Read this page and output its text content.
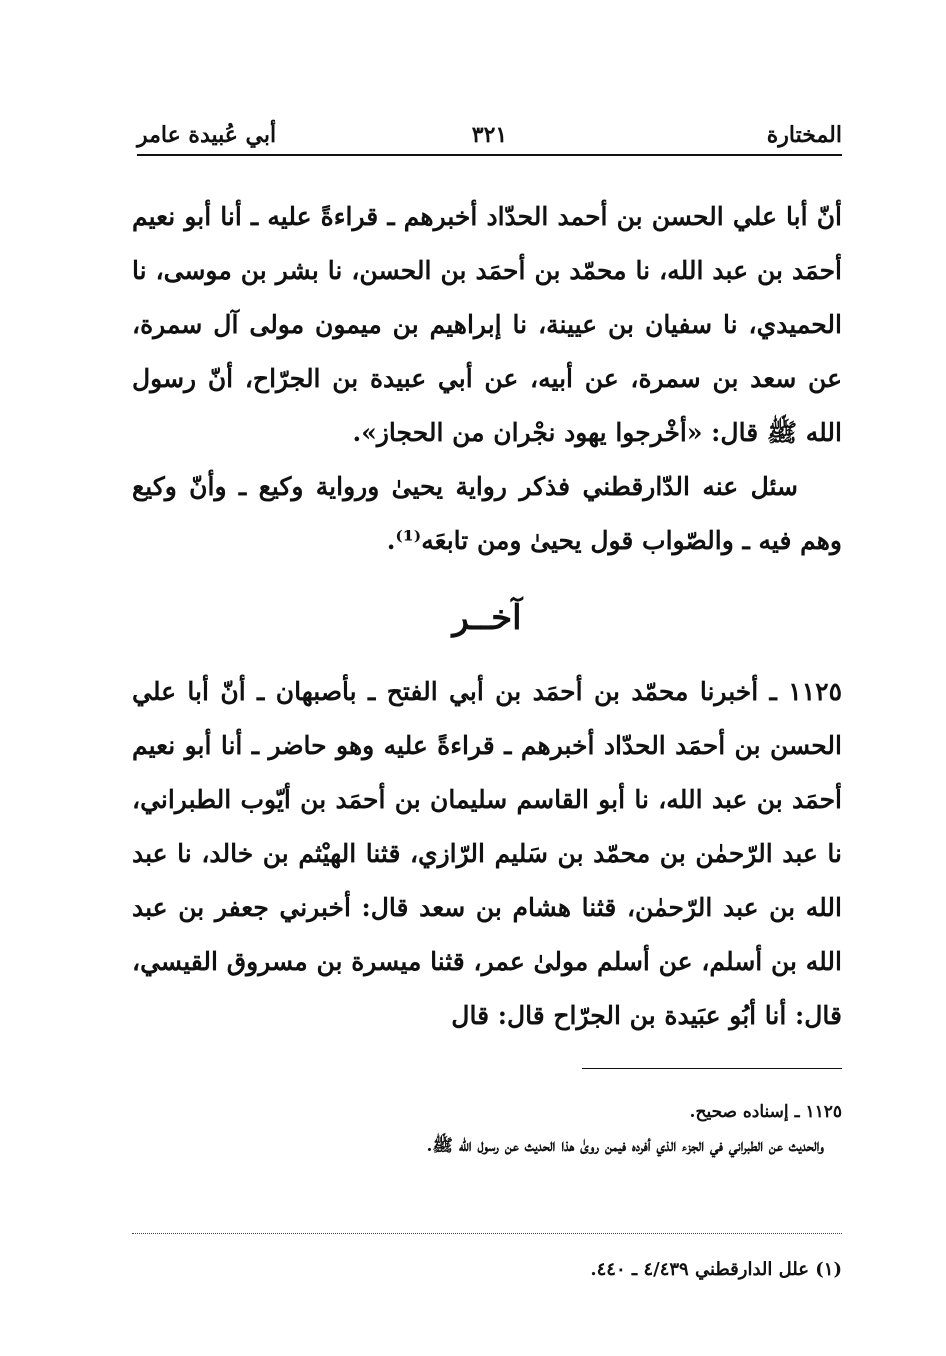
المختارة
٣٢١
أبي عُبيدة عامر

أنّ أبا علي الحسن بن أحمد الحدّاد أخبرهم ـ قراءةً عليه ـ أنا أبو نعيم أحمَد بن عبد الله، نا محمّد بن أحمَد بن الحسن، نا بشر بن موسى، نا الحميدي، نا سفيان بن عيينة، نا إبراهيم بن ميمون مولى آل سمرة، عن سعد بن سمرة، عن أبيه، عن أبي عبيدة بن الجرّاح، أنّ رسول الله ﷺ قال: «أخْرجوا يهود نجْران من الحجاز».

سئل عنه الدّارقطني فذكر رواية يحيىٰ ورواية وكيع ـ وأنّ وكيع وهم فيه ـ والصّواب قول يحيىٰ ومن تابعَه⁽¹⁾.

آخــر

١١٢٥ ـ أخبرنا محمّد بن أحمَد بن أبي الفتح ـ بأصبهان ـ أنّ أبا علي الحسن بن أحمَد الحدّاد أخبرهم ـ قراءةً عليه وهو حاضر ـ أنا أبو نعيم أحمَد بن عبد الله، نا أبو القاسم سليمان بن أحمَد بن أيّوب الطبراني، نا عبد الرّحمٰن بن محمّد بن سَليم الرّازي، قثنا الهيْثم بن خالد، نا عبد الله بن عبد الرّحمٰن، قثنا هشام بن سعد قال: أخبرني جعفر بن عبد الله بن أسلم، عن أسلم مولىٰ عمر، قثنا ميسرة بن مسروق القيسي، قال: أنا أبُو عبَيدة بن الجرّاح قال: قال

١١٢٥ ـ إسناده صحيح.

والحديث عن الطبراني في الجزء الذي أفرده فيمن روىٰ هذا الحديث عن رسول الله ﷺ.

(١) علل الدارقطني ٤/٤٣٩ ـ ٤٤٠.
